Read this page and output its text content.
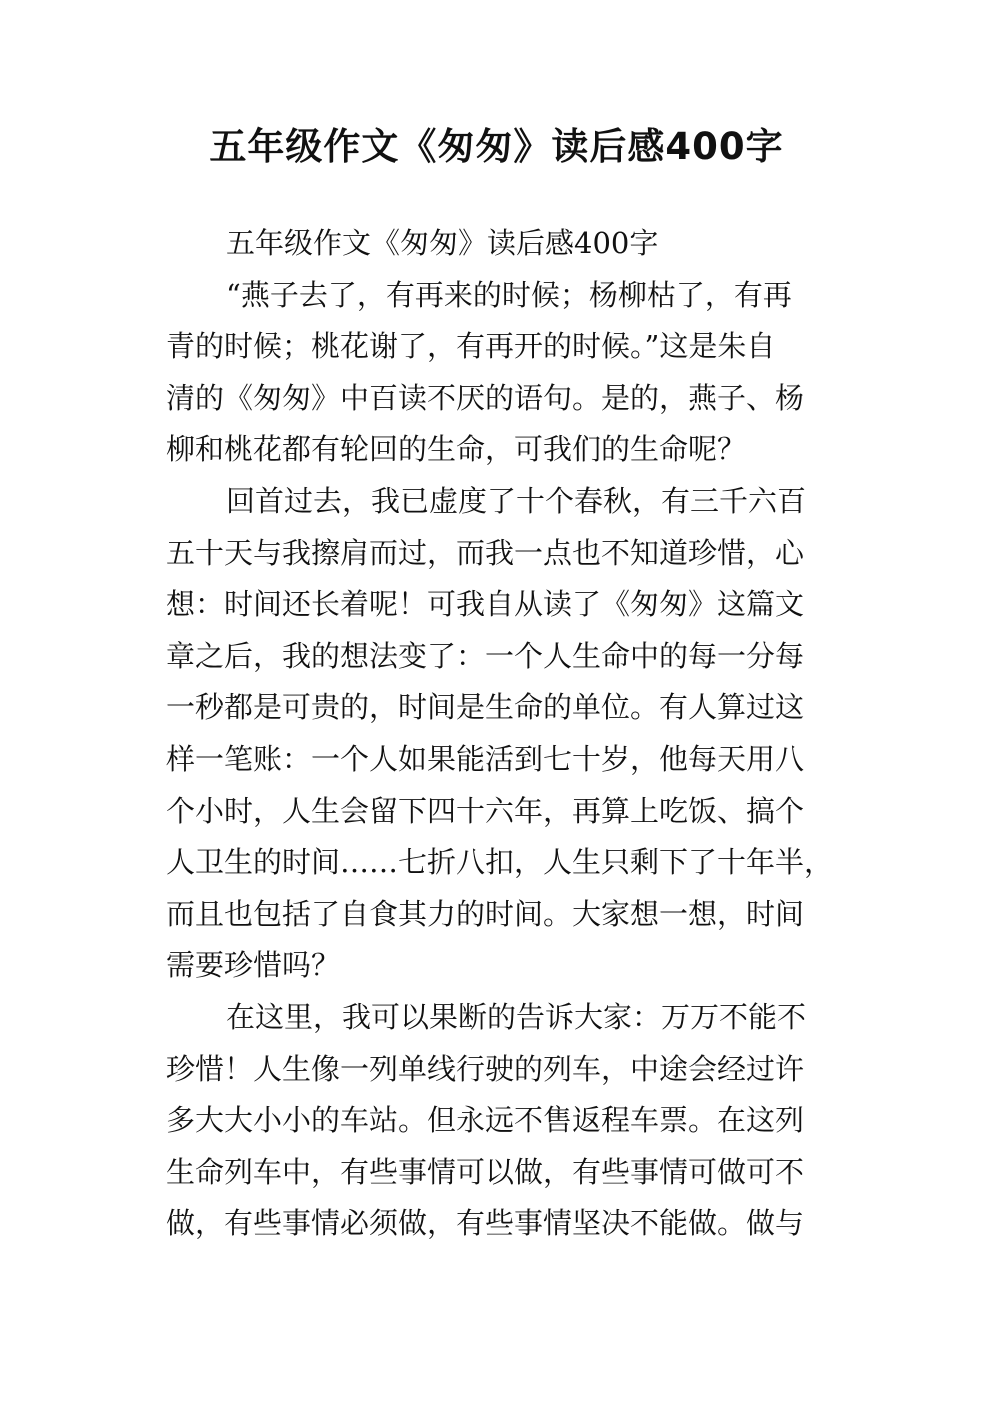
五年级作文《匆匆》读后感400字

五年级作文《匆匆》读后感400字

“燕子去了，有再来的时候；杨柳枯了，有再

青的时候；桃花谢了，有再开的时候。”这是朱自

清的《匆匆》中百读不厌的语句。是的，燕子、杨

柳和桃花都有轮回的生命，可我们的生命呢？

回首过去，我已虚度了十个春秋，有三千六百

五十天与我擦肩而过，而我一点也不知道珍惜，心

想：时间还长着呢！可我自从读了《匆匆》这篇文

章之后，我的想法变了：一个人生命中的每一分每

一秒都是可贵的，时间是生命的单位。有人算过这

样一笔账：一个人如果能活到七十岁，他每天用八

个小时，人生会留下四十六年，再算上吃饭、搞个

人卫生的时间……七折八扣，人生只剩下了十年半，

而且也包括了自食其力的时间。大家想一想，时间

需要珍惜吗？

在这里，我可以果断的告诉大家：万万不能不

珍惜！人生像一列单线行驶的列车，中途会经过许

多大大小小的车站。但永远不售返程车票。在这列

生命列车中，有些事情可以做，有些事情可做可不

做，有些事情必须做，有些事情坚决不能做。做与
